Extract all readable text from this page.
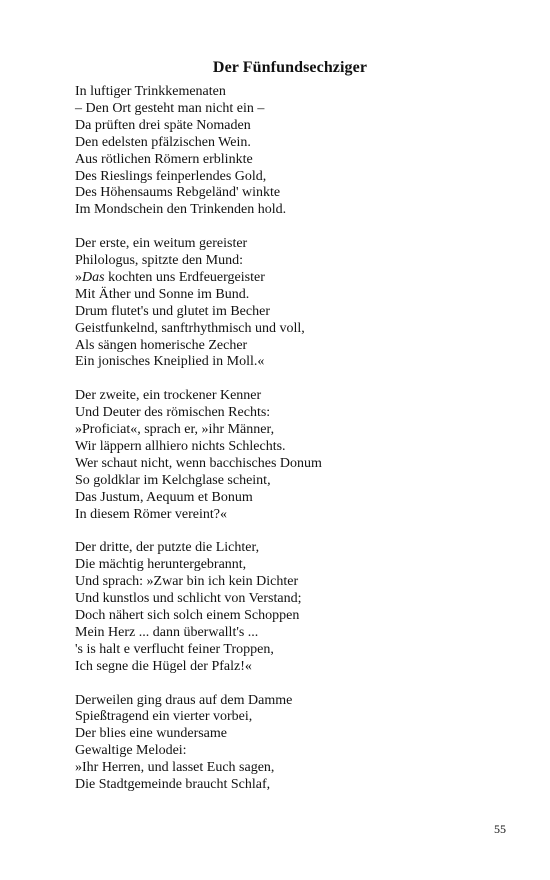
Der Fünfundsechziger
In luftiger Trinkkemenaten
– Den Ort gesteht man nicht ein –
Da prüften drei späte Nomaden
Den edelsten pfälzischen Wein.
Aus rötlichen Römern erblinkte
Des Rieslings feinperlendes Gold,
Des Höhensaums Rebgeländ' winkte
Im Mondschein den Trinkenden hold.
Der erste, ein weitum gereister
Philologus, spitzte den Mund:
»Das kochten uns Erdfeuergeister
Mit Äther und Sonne im Bund.
Drum flutet's und glutet im Becher
Geistfunkelnd, sanftrhythmisch und voll,
Als sängen homerische Zecher
Ein jonisches Kneiplied in Moll.«
Der zweite, ein trockener Kenner
Und Deuter des römischen Rechts:
»Proficiat«, sprach er, »ihr Männer,
Wir läppern allhiero nichts Schlechts.
Wer schaut nicht, wenn bacchisches Donum
So goldklar im Kelchglase scheint,
Das Justum, Aequum et Bonum
In diesem Römer vereint?«
Der dritte, der putzte die Lichter,
Die mächtig heruntergebrannt,
Und sprach: »Zwar bin ich kein Dichter
Und kunstlos und schlicht von Verstand;
Doch nähert sich solch einem Schoppen
Mein Herz ... dann überwallt's ...
's is halt e verflucht feiner Troppen,
Ich segne die Hügel der Pfalz!«
Derweilen ging draus auf dem Damme
Spießtragend ein vierter vorbei,
Der blies eine wundersame
Gewaltige Melodei:
»Ihr Herren, und lasset Euch sagen,
Die Stadtgemeinde braucht Schlaf,
55
